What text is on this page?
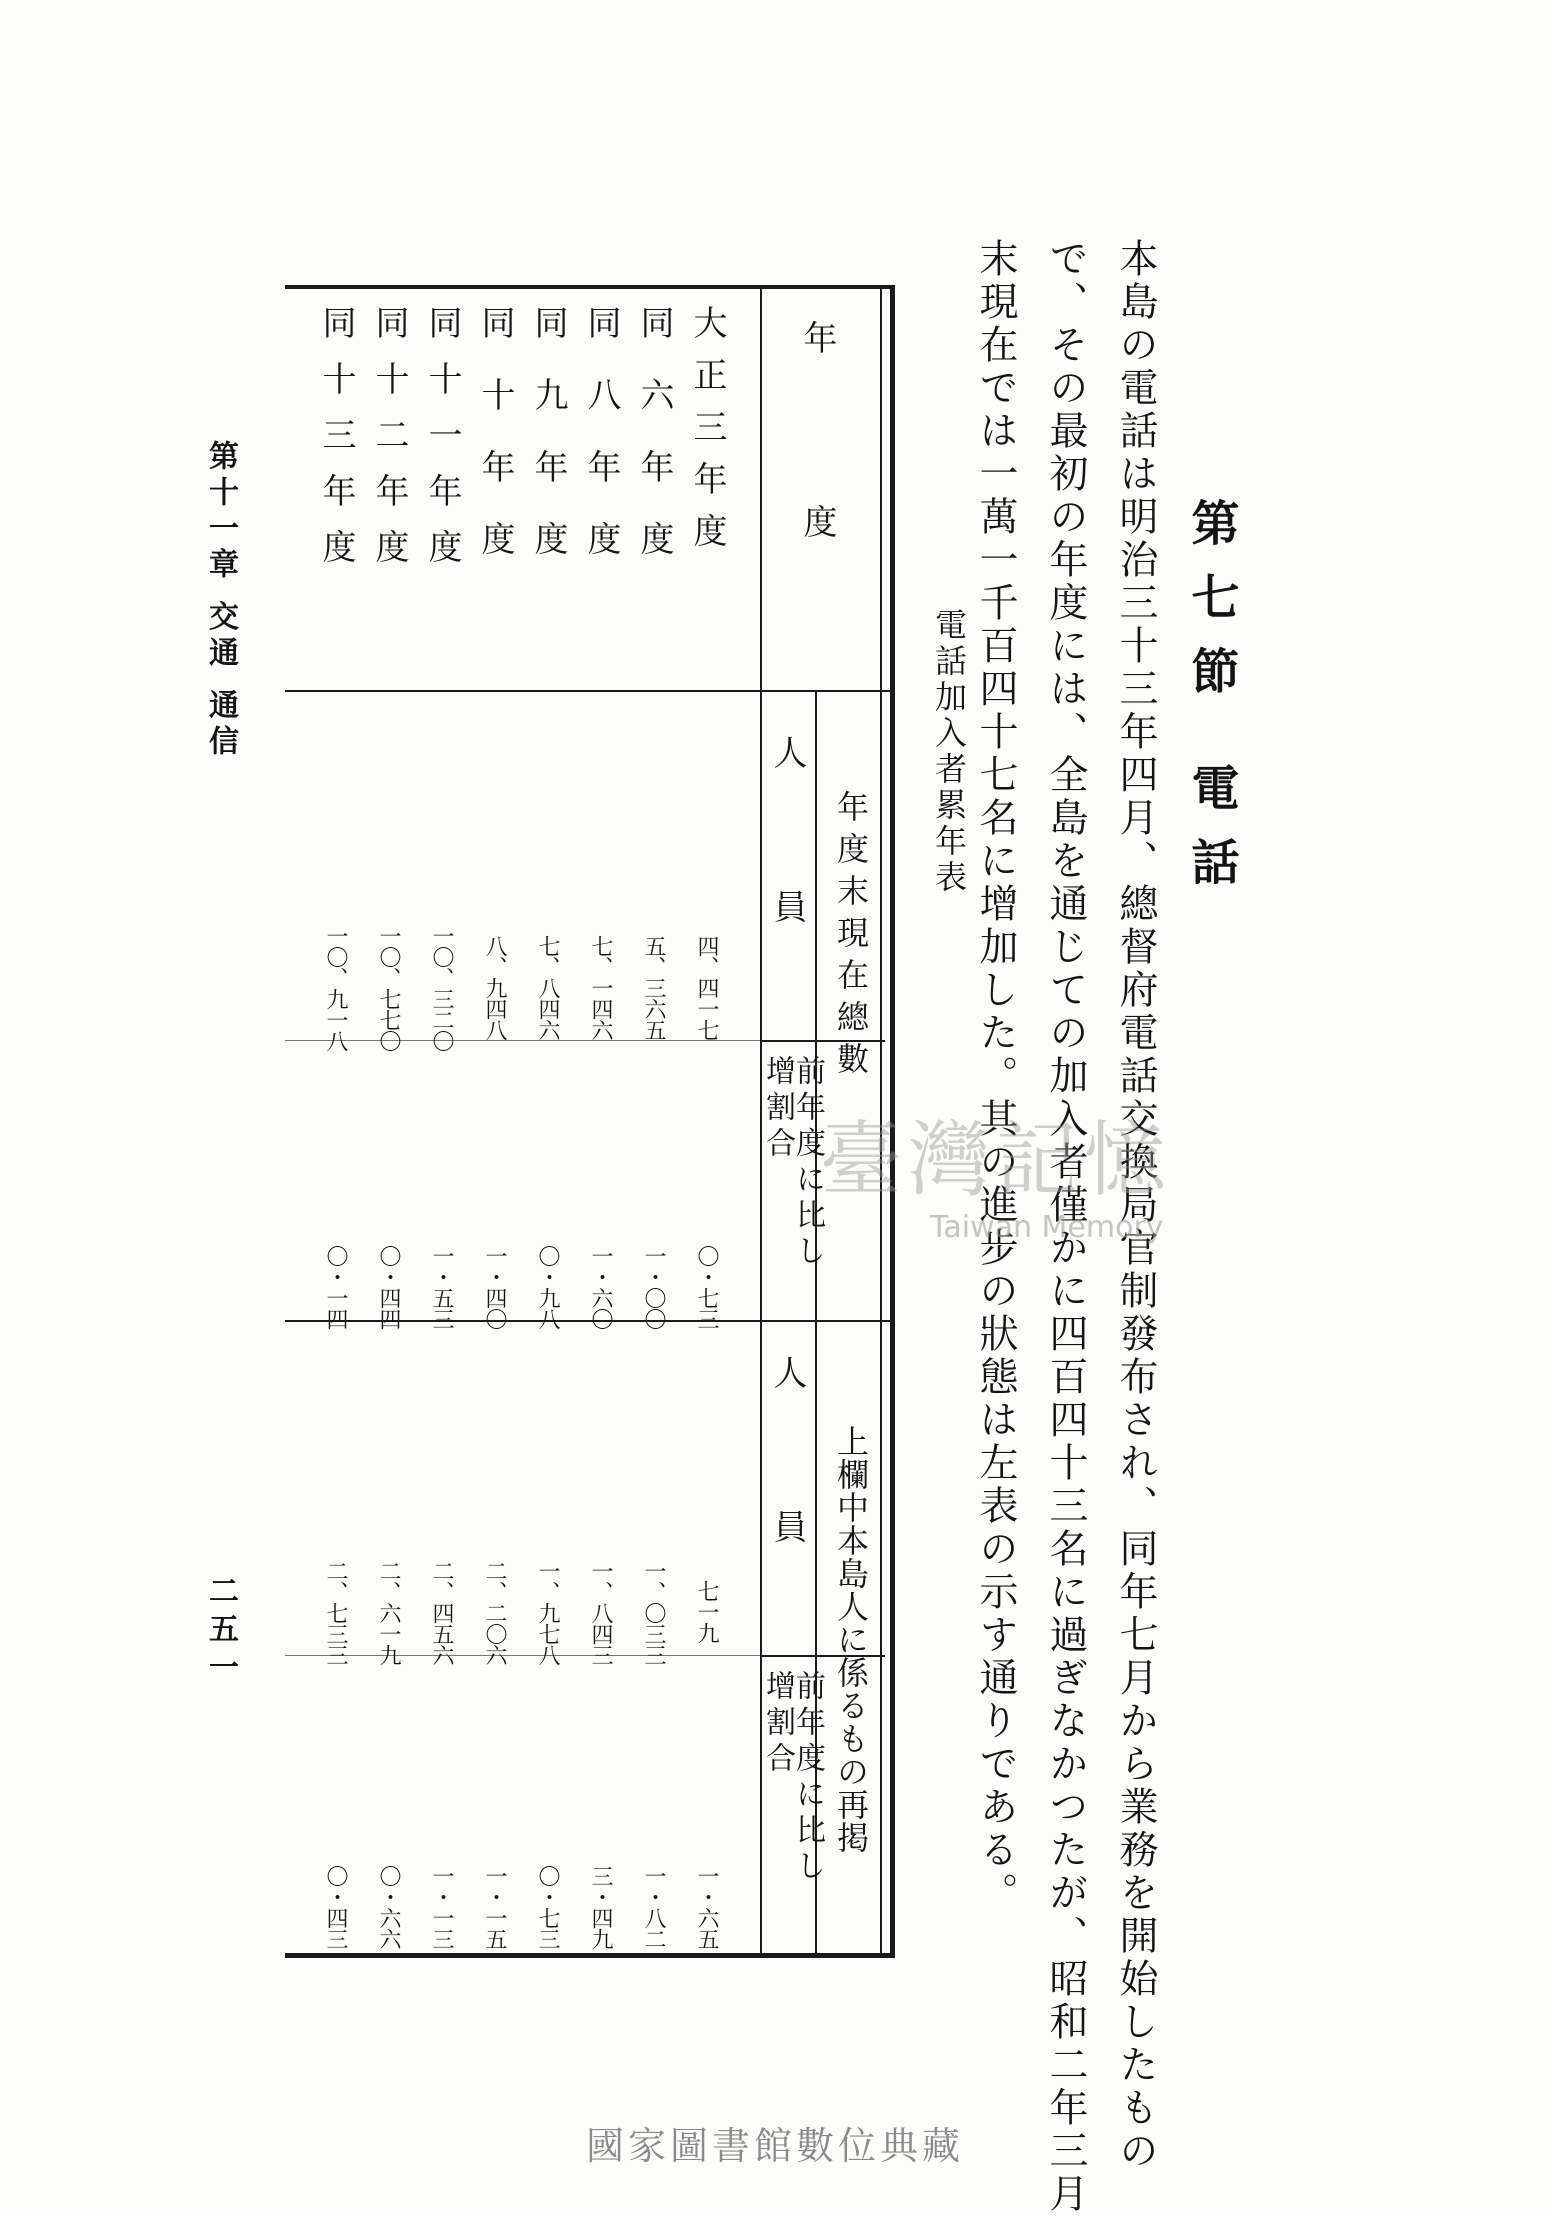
第七節 電話
本島の電話は明治三十三年四月、總督府電話交換局官制發布され、同年七月から業務を開始したもの
で、その最初の年度には、全島を通じての加入者僅かに四百四十三名に過ぎなかつたが、昭和二年三月
末現在では一萬一千百四十七名に增加した。其の進步の狀態は左表の示す通りである。
電話加入者累年表
年度
年度末現在總數
上欄中本島人に係るもの再掲
人員
前年度に比し增割合
人員
前年度に比し增割合
大正三年度
四、四一七
〇・七三
七一九
一・六五
同六年度
五、三六五
一・〇〇
一、〇三三
一・八二
同八年度
七、一四六
一・六〇
一、八四三
三・四九
同九年度
七、八四六
〇・九八
一、九七八
〇・七三
同十年度
八、九四八
一・四〇
二、二〇六
一・一五
同十一年度
一〇、三二〇
一・五三
二、四五六
一・一三
同十二年度
一〇、七七〇
〇・四四
二、六一九
〇・六六
同十三年度
一〇、九一八
〇・一四
二、七三三
〇・四三
第十一章 交通 通信
二五一
臺灣記憶
Taiwan Memory
國家圖書館數位典藏
